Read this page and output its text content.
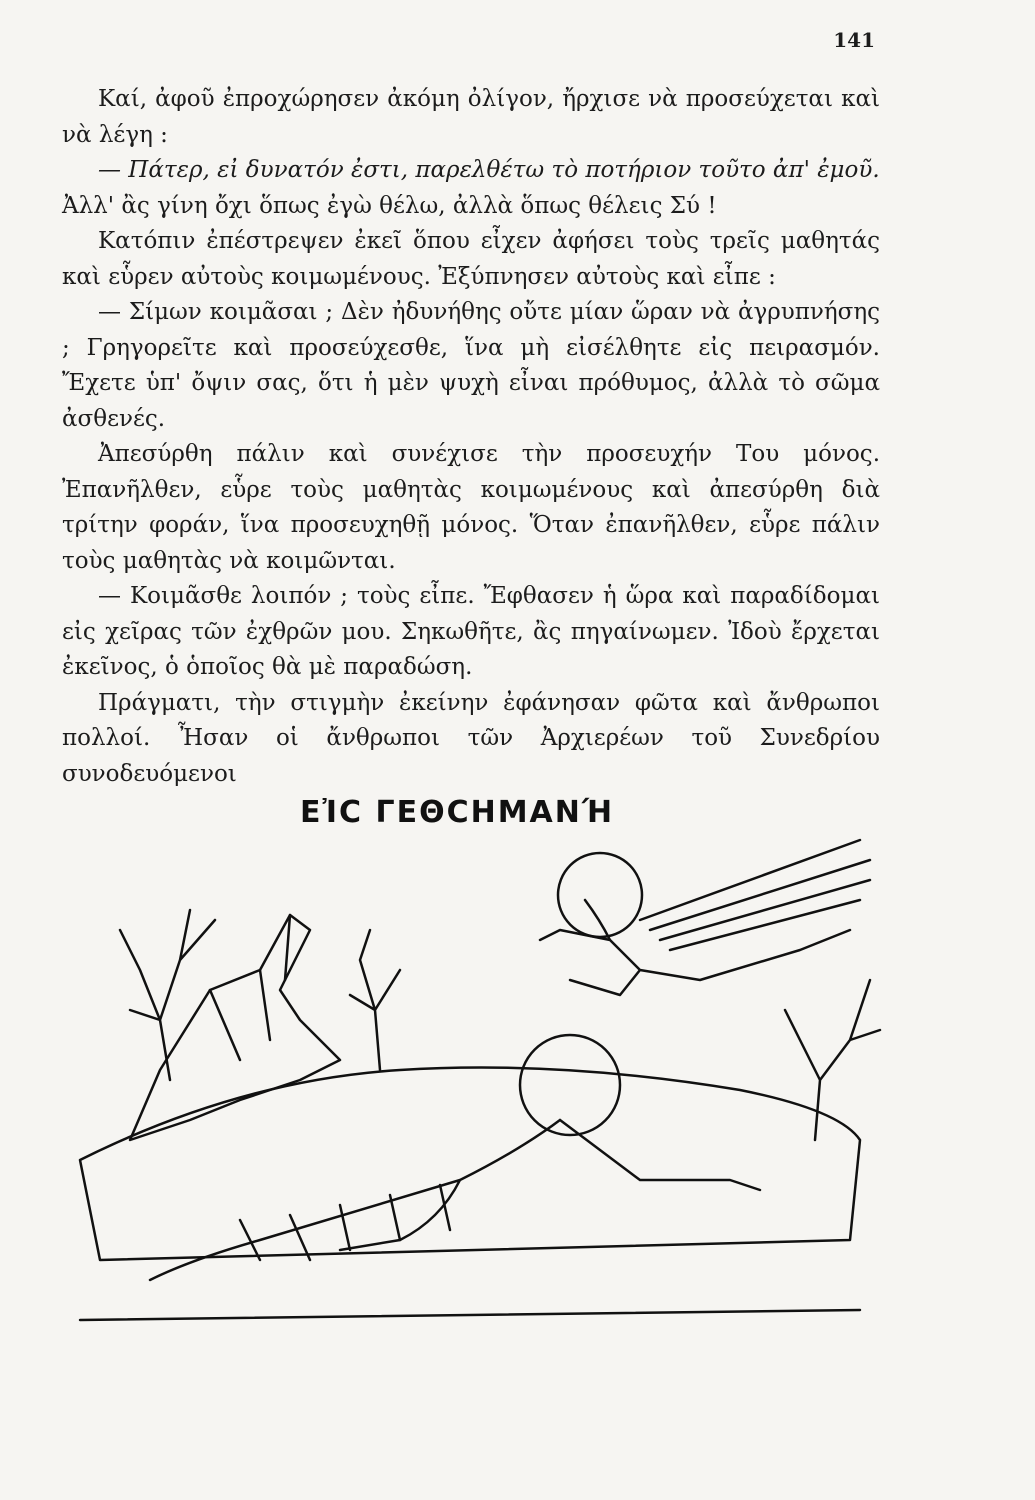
141

Καί, ἀφοῦ ἐπροχώρησεν ἀκόμη ὀλίγον, ἤρχισε νὰ προσεύχεται καὶ νὰ λέγη :

— Πάτερ, εἰ δυνατόν ἐστι, παρελθέτω τὸ ποτήριον τοῦτο ἀπ' ἐμοῦ.

Ἀλλ' ἂς γίνη ὄχι ὅπως ἐγὼ θέλω, ἀλλὰ ὅπως θέλεις Σύ !

Κατόπιν ἐπέστρεψεν ἐκεῖ ὅπου εἶχεν ἀφήσει τοὺς τρεῖς μαθητάς καὶ εὗρεν αὐτοὺς κοιμωμένους. Ἐξύπνησεν αὐτοὺς καὶ εἶπε :

— Σίμων κοιμᾶσαι ; Δὲν ἠδυνήθης οὔτε μίαν ὥραν νὰ ἀγρυπνήσης ; Γρηγορεῖτε καὶ προσεύχεσθε, ἵνα μὴ εἰσέλθητε εἰς πειρασμόν. Ἔχετε ὑπ' ὄψιν σας, ὅτι ἡ μὲν ψυχὴ εἶναι πρόθυμος, ἀλλὰ τὸ σῶμα ἀσθενές.

Ἀπεσύρθη πάλιν καὶ συνέχισε τὴν προσευχήν Του μόνος. Ἐπανῆλθεν, εὗρε τοὺς μαθητὰς κοιμωμένους καὶ ἀπεσύρθη διὰ τρίτην φοράν, ἵνα προσευχηθῇ μόνος. Ὅταν ἐπανῆλθεν, εὗρε πάλιν τοὺς μαθητὰς νὰ κοιμῶνται.

— Κοιμᾶσθε λοιπόν ; τοὺς εἶπε. Ἔφθασεν ἡ ὥρα καὶ παραδίδομαι εἰς χεῖρας τῶν ἐχθρῶν μου. Σηκωθῆτε, ἂς πηγαίνωμεν. Ἰδοὺ ἔρχεται ἐκεῖνος, ὁ ὁποῖος θὰ μὲ παραδώση.

Πράγματι, τὴν στιγμὴν ἐκείνην ἐφάνησαν φῶτα καὶ ἄνθρωποι πολλοί. Ἦσαν οἱ ἄνθρωποι τῶν Ἀρχιερέων τοῦ Συνεδρίου συνοδευόμενοι

ΕἸC ΓΕΘCΗΜΑΝΉ
